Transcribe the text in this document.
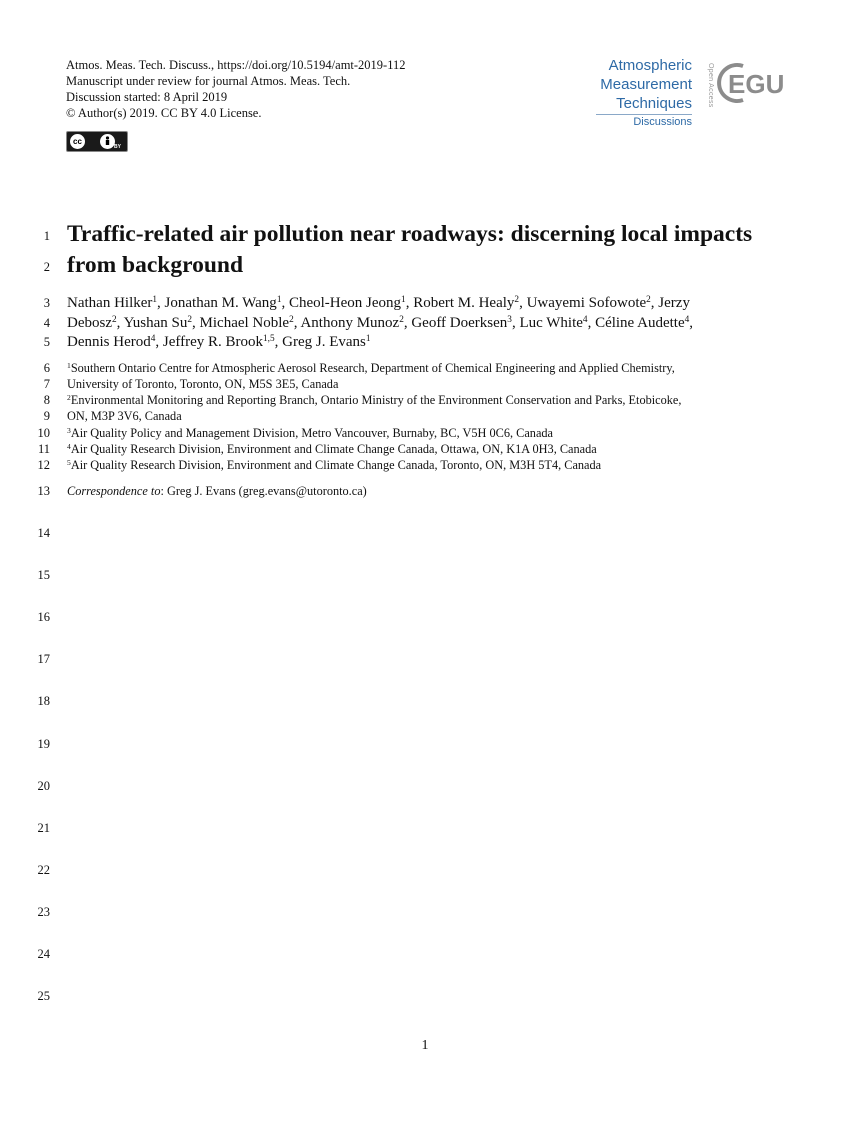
Atmos. Meas. Tech. Discuss., https://doi.org/10.5194/amt-2019-112
Manuscript under review for journal Atmos. Meas. Tech.
Discussion started: 8 April 2019
© Author(s) 2019. CC BY 4.0 License.
cc
BY
Atmospheric
Measurement
Techniques
Discussions
Open Access EGU
1
2
3
4
5
6
7
8
9
10
11
12
13
14
15
16
17
18
19
20
21
22
23
24
25
Traffic-related air pollution near roadways: discerning local impacts
from background
Nathan Hilker$^1$, Jonathan M. Wang$^1$, Cheol-Heon Jeong$^1$, Robert M. Healy$^2$, Uwayemi Sofowote$^2$, Jerzy
Debosz$^2$, Yushan Su$^2$, Michael Noble$^2$, Anthony Munoz$^2$, Geoff Doerksen$^3$, Luc White$^4$, Céline Audette$^4$,
Dennis Herod$^4$, Jeffrey R. Brook$^{1,5}$, Greg J. Evans$^1$
$^1$Southern Ontario Centre for Atmospheric Aerosol Research, Department of Chemical Engineering and Applied Chemistry,
University of Toronto, Toronto, ON, M5S 3E5, Canada
$^2$Environmental Monitoring and Reporting Branch, Ontario Ministry of the Environment Conservation and Parks, Etobicoke,
ON, M3P 3V6, Canada
$^3$Air Quality Policy and Management Division, Metro Vancouver, Burnaby, BC, V5H 0C6, Canada
$^4$Air Quality Research Division, Environment and Climate Change Canada, Ottawa, ON, K1A 0H3, Canada
$^5$Air Quality Research Division, Environment and Climate Change Canada, Toronto, ON, M3H 5T4, Canada
Correspondence to: Greg J. Evans (greg.evans@utoronto.ca)
1
